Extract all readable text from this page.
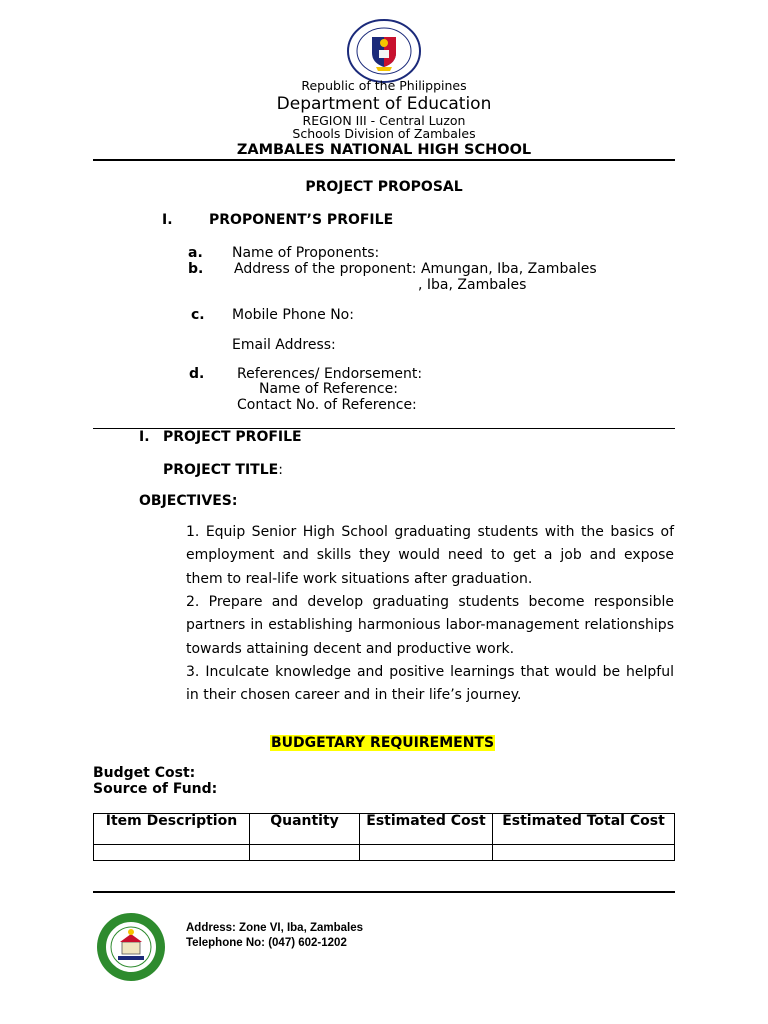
Republic of the Philippines
Department of Education
REGION III - Central Luzon
Schools Division of Zambales
ZAMBALES NATIONAL HIGH SCHOOL
PROJECT PROPOSAL
I.	PROPONENT’S PROFILE
a. Name of Proponents:
b. Address of the proponent: Amungan, Iba, Zambales
, Iba, Zambales
c. Mobile Phone No:
Email Address:
d. References/ Endorsement:
Name of Reference:
Contact No. of Reference:
I. PROJECT PROFILE
PROJECT TITLE:
OBJECTIVES:
1. Equip Senior High School graduating students with the basics of employment and skills they would need to get a job and expose them to real-life work situations after graduation.
2. Prepare and develop graduating students become responsible partners in establishing harmonious labor-management relationships towards attaining decent and productive work.
3. Inculcate knowledge and positive learnings that would be helpful in their chosen career and in their life’s journey.
BUDGETARY REQUIREMENTS
Budget Cost:
Source of Fund:
Item Description	Quantity	Estimated Cost	Estimated Total Cost

Address: Zone VI, Iba, Zambales
Telephone No: (047) 602-1202
